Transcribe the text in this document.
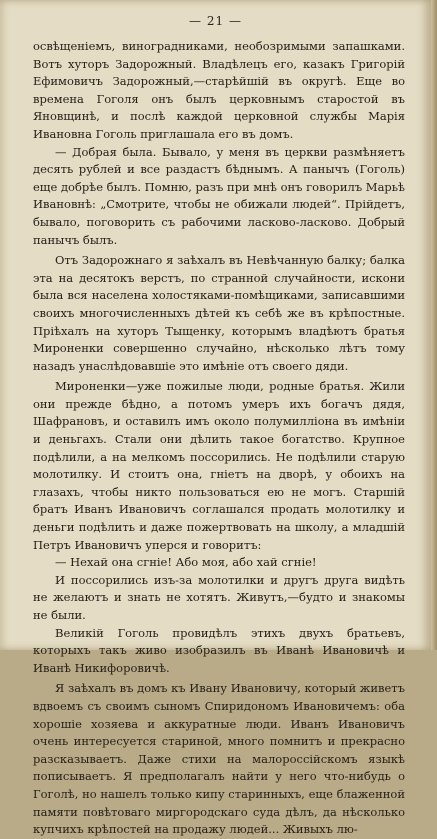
— 21 —

освѣщеніемъ, виноградниками, необозримыми запашками. Вотъ хуторъ Задорожный. Владѣлецъ его, казакъ Григорій Ефимовичъ Задорожный,—старѣйшій въ округѣ. Еще во времена Гоголя онъ былъ церковнымъ старостой въ Яновщинѣ, и послѣ каждой церковной службы Марія Ивановна Гоголь приглашала его въ домъ.

— Добрая была. Бывало, у меня въ церкви размѣняетъ десять рублей и все раздастъ бѣднымъ. А панычъ (Гоголь) еще добрѣе былъ. Помню, разъ при мнѣ онъ говорилъ Марьѣ Ивановнѣ: „Смотрите, чтобы не обижали людей“. Прійдетъ, бывало, поговорить съ рабочими ласково-ласково. Добрый панычъ былъ.

Отъ Задорожнаго я заѣхалъ въ Невѣчанную балку; балка эта на десятокъ верстъ, по странной случайности, искони была вся населена холостяками-помѣщиками, записавшими своихъ многочисленныхъ дѣтей къ себѣ же въ крѣпостные. Пріѣхалъ на хуторъ Тыщенку, которымъ владѣютъ братья Мироненки совершенно случайно, нѣсколько лѣтъ тому назадъ унаслѣдовавшіе это имѣніе отъ своего дяди.

Мироненки—уже пожилые люди, родные братья. Жили они прежде бѣдно, а потомъ умеръ ихъ богачъ дядя, Шафрановъ, и оставилъ имъ около полумилліона въ имѣніи и деньгахъ. Стали они дѣлить такое богатство. Крупное подѣлили, а на мелкомъ поссорились. Не подѣлили старую молотилку. И стоитъ она, гніетъ на дворѣ, у обоихъ на глазахъ, чтобы никто пользоваться ею не могъ. Старшій братъ Иванъ Ивановичъ соглашался продать молотилку и деньги подѣлить и даже пожертвовать на школу, а младшій Петръ Ивановичъ уперся и говоритъ:

— Нехай она сгніе! Або моя, або хай сгніе!

И поссорились изъ-за молотилки и другъ друга видѣть не желаютъ и знать не хотятъ. Живутъ,—будто и знакомы не были.

Великій Гоголь провидѣлъ этихъ двухъ братьевъ, которыхъ такъ живо изобразилъ въ Иванѣ Ивановичѣ и Иванѣ Никифоровичѣ.

Я заѣхалъ въ домъ къ Ивану Ивановичу, который живетъ вдвоемъ съ своимъ сыномъ Спиридономъ Ивановичемъ: оба хорошіе хозяева и аккуратные люди. Иванъ Ивановичъ очень интересуется стариной, много помнитъ и прекрасно разсказываетъ. Даже стихи на малороссійскомъ языкѣ пописываетъ. Я предполагалъ найти у него что-нибудь о Гоголѣ, но нашелъ только кипу старинныхъ, еще блаженной памяти повѣтоваго миргородскаго суда дѣлъ, да нѣсколько купчихъ крѣпостей на продажу людей... Живыхъ лю-
